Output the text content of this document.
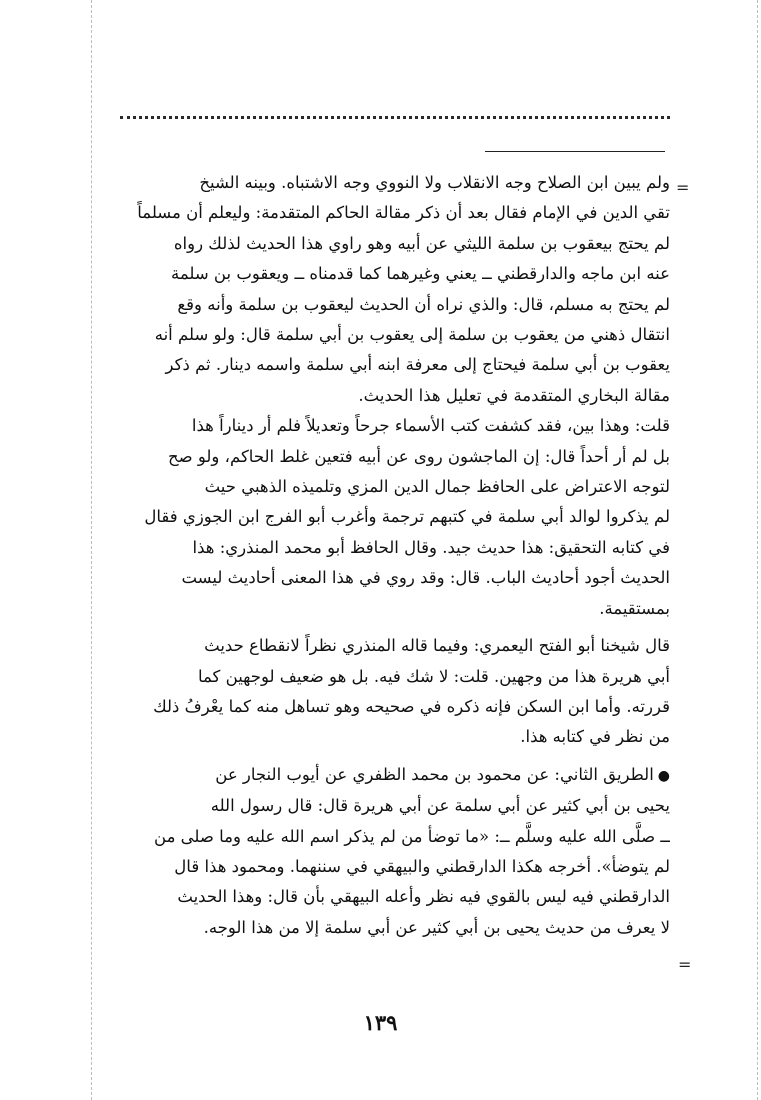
=

ولم يبين ابن الصلاح وجه الانقلاب ولا النووي وجه الاشتباه. وبينه الشيخ
تقي الدين في الإمام فقال بعد أن ذكر مقالة الحاكم المتقدمة: وليعلم أن مسلماً
لم يحتج بيعقوب بن سلمة الليثي عن أبيه وهو راوي هذا الحديث لذلك رواه
عنه ابن ماجه والدارقطني ــ يعني وغيرهما كما قدمناه ــ ويعقوب بن سلمة
لم يحتج به مسلم، قال: والذي نراه أن الحديث ليعقوب بن سلمة وأنه وقع
انتقال ذهني من يعقوب بن سلمة إلى يعقوب بن أبي سلمة قال: ولو سلم أنه
يعقوب بن أبي سلمة فيحتاج إلى معرفة ابنه أبي سلمة واسمه دينار. ثم ذكر
مقالة البخاري المتقدمة في تعليل هذا الحديث.

قلت: وهذا بين، فقد كشفت كتب الأسماء جرحاً وتعديلاً فلم أر ديناراً هذا
بل لم أر أحداً قال: إن الماجشون روى عن أبيه فتعين غلط الحاكم، ولو صح
لتوجه الاعتراض على الحافظ جمال الدين المزي وتلميذه الذهبي حيث
لم يذكروا لوالد أبي سلمة في كتبهم ترجمة وأغرب أبو الفرج ابن الجوزي فقال
في كتابه التحقيق: هذا حديث جيد. وقال الحافظ أبو محمد المنذري: هذا
الحديث أجود أحاديث الباب. قال: وقد روي في هذا المعنى أحاديث ليست
بمستقيمة.

قال شيخنا أبو الفتح اليعمري: وفيما قاله المنذري نظراً لانقطاع حديث
أبي هريرة هذا من وجهين. قلت: لا شك فيه. بل هو ضعيف لوجهين كما
قررته. وأما ابن السكن فإنه ذكره في صحيحه وهو تساهل منه كما يعْرفُ ذلك
من نظر في كتابه هذا.

●الطريق الثاني: عن محمود بن محمد الظفري عن أيوب النجار عن
يحيى بن أبي كثير عن أبي سلمة عن أبي هريرة قال: قال رسول الله
ــ صلَّى الله عليه وسلَّم ــ: «ما توضأ من لم يذكر اسم الله عليه وما صلى من
لم يتوضأ». أخرجه هكذا الدارقطني والبيهقي في سننهما. ومحمود هذا قال
الدارقطني فيه ليس بالقوي فيه نظر وأعله البيهقي بأن قال: وهذا الحديث
لا يعرف من حديث يحيى بن أبي كثير عن أبي سلمة إلا من هذا الوجه.

=
١٣٩
